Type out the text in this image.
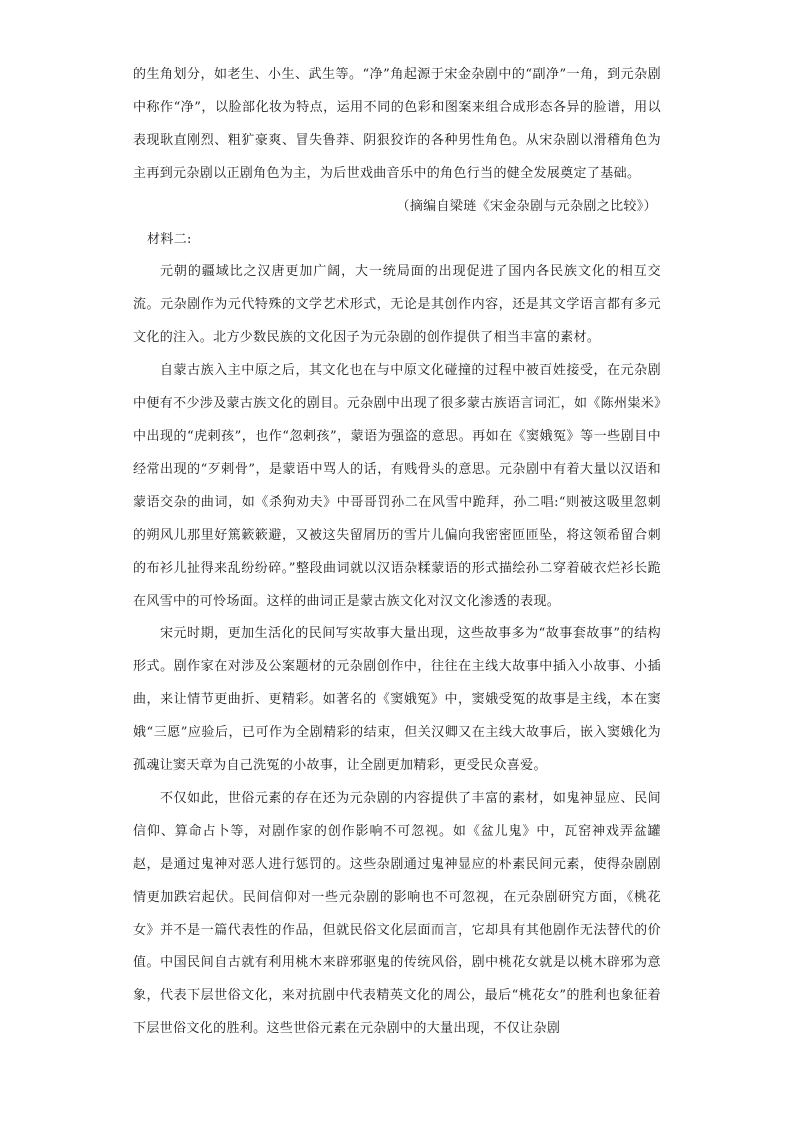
的生角划分，如老生、小生、武生等。“净”角起源于宋金杂剧中的“副净”一角，到元杂剧中称作“净”，以脸部化妆为特点，运用不同的色彩和图案来组合成形态各异的脸谱，用以表现耿直刚烈、粗犷豪爽、冒失鲁莽、阴狠狡诈的各种男性角色。从宋杂剧以滑稽角色为主再到元杂剧以正剧角色为主，为后世戏曲音乐中的角色行当的健全发展奠定了基础。

（摘编自梁琏《宋金杂剧与元杂剧之比较》）

材料二:

元朝的疆域比之汉唐更加广阔，大一统局面的出现促进了国内各民族文化的相互交流。元杂剧作为元代特殊的文学艺术形式，无论是其创作内容，还是其文学语言都有多元文化的注入。北方少数民族的文化因子为元杂剧的创作提供了相当丰富的素材。

自蒙古族入主中原之后，其文化也在与中原文化碰撞的过程中被百姓接受，在元杂剧中便有不少涉及蒙古族文化的剧目。元杂剧中出现了很多蒙古族语言词汇，如《陈州粜米》中出现的“虎剌孩”，也作“忽剌孩”，蒙语为强盗的意思。再如在《窦娥冤》等一些剧目中经常出现的“歹剌骨”，是蒙语中骂人的话，有贱骨头的意思。元杂剧中有着大量以汉语和蒙语交杂的曲词，如《杀狗劝夫》中哥哥罚孙二在风雪中跪拜，孙二唱:“则被这吸里忽刺的朔风儿那里好篤簌簌避，又被这失留屑历的雪片儿偏向我密密匝匝坠，将这领希留合刺的布衫儿扯得来乱纷纷碎。”整段曲词就以汉语杂糅蒙语的形式描绘孙二穿着破衣烂衫长跪在风雪中的可怜场面。这样的曲词正是蒙古族文化对汉文化渗透的表现。

宋元时期，更加生活化的民间写实故事大量出现，这些故事多为“故事套故事”的结构形式。剧作家在对涉及公案题材的元杂剧创作中，往往在主线大故事中插入小故事、小插曲，来让情节更曲折、更精彩。如著名的《窦娥冤》中，窦娥受冤的故事是主线，本在窦娥“三愿”应验后，已可作为全剧精彩的结束，但关汉卿又在主线大故事后，嵌入窦娥化为孤魂让窦天章为自己洗冤的小故事，让全剧更加精彩，更受民众喜爱。

不仅如此，世俗元素的存在还为元杂剧的内容提供了丰富的素材，如鬼神显应、民间信仰、算命占卜等，对剧作家的创作影响不可忽视。如《盆儿鬼》中，瓦窑神戏弄盆罐赵，是通过鬼神对恶人进行惩罚的。这些杂剧通过鬼神显应的朴素民间元素，使得杂剧剧情更加跌宕起伏。民间信仰对一些元杂剧的影响也不可忽视，在元杂剧研究方面，《桃花女》并不是一篇代表性的作品，但就民俗文化层面而言，它却具有其他剧作无法替代的价值。中国民间自古就有利用桃木来辟邪驱鬼的传统风俗，剧中桃花女就是以桃木辟邪为意象，代表下层世俗文化，来对抗剧中代表精英文化的周公，最后“桃花女”的胜利也象征着下层世俗文化的胜利。这些世俗元素在元杂剧中的大量出现，不仅让杂剧
